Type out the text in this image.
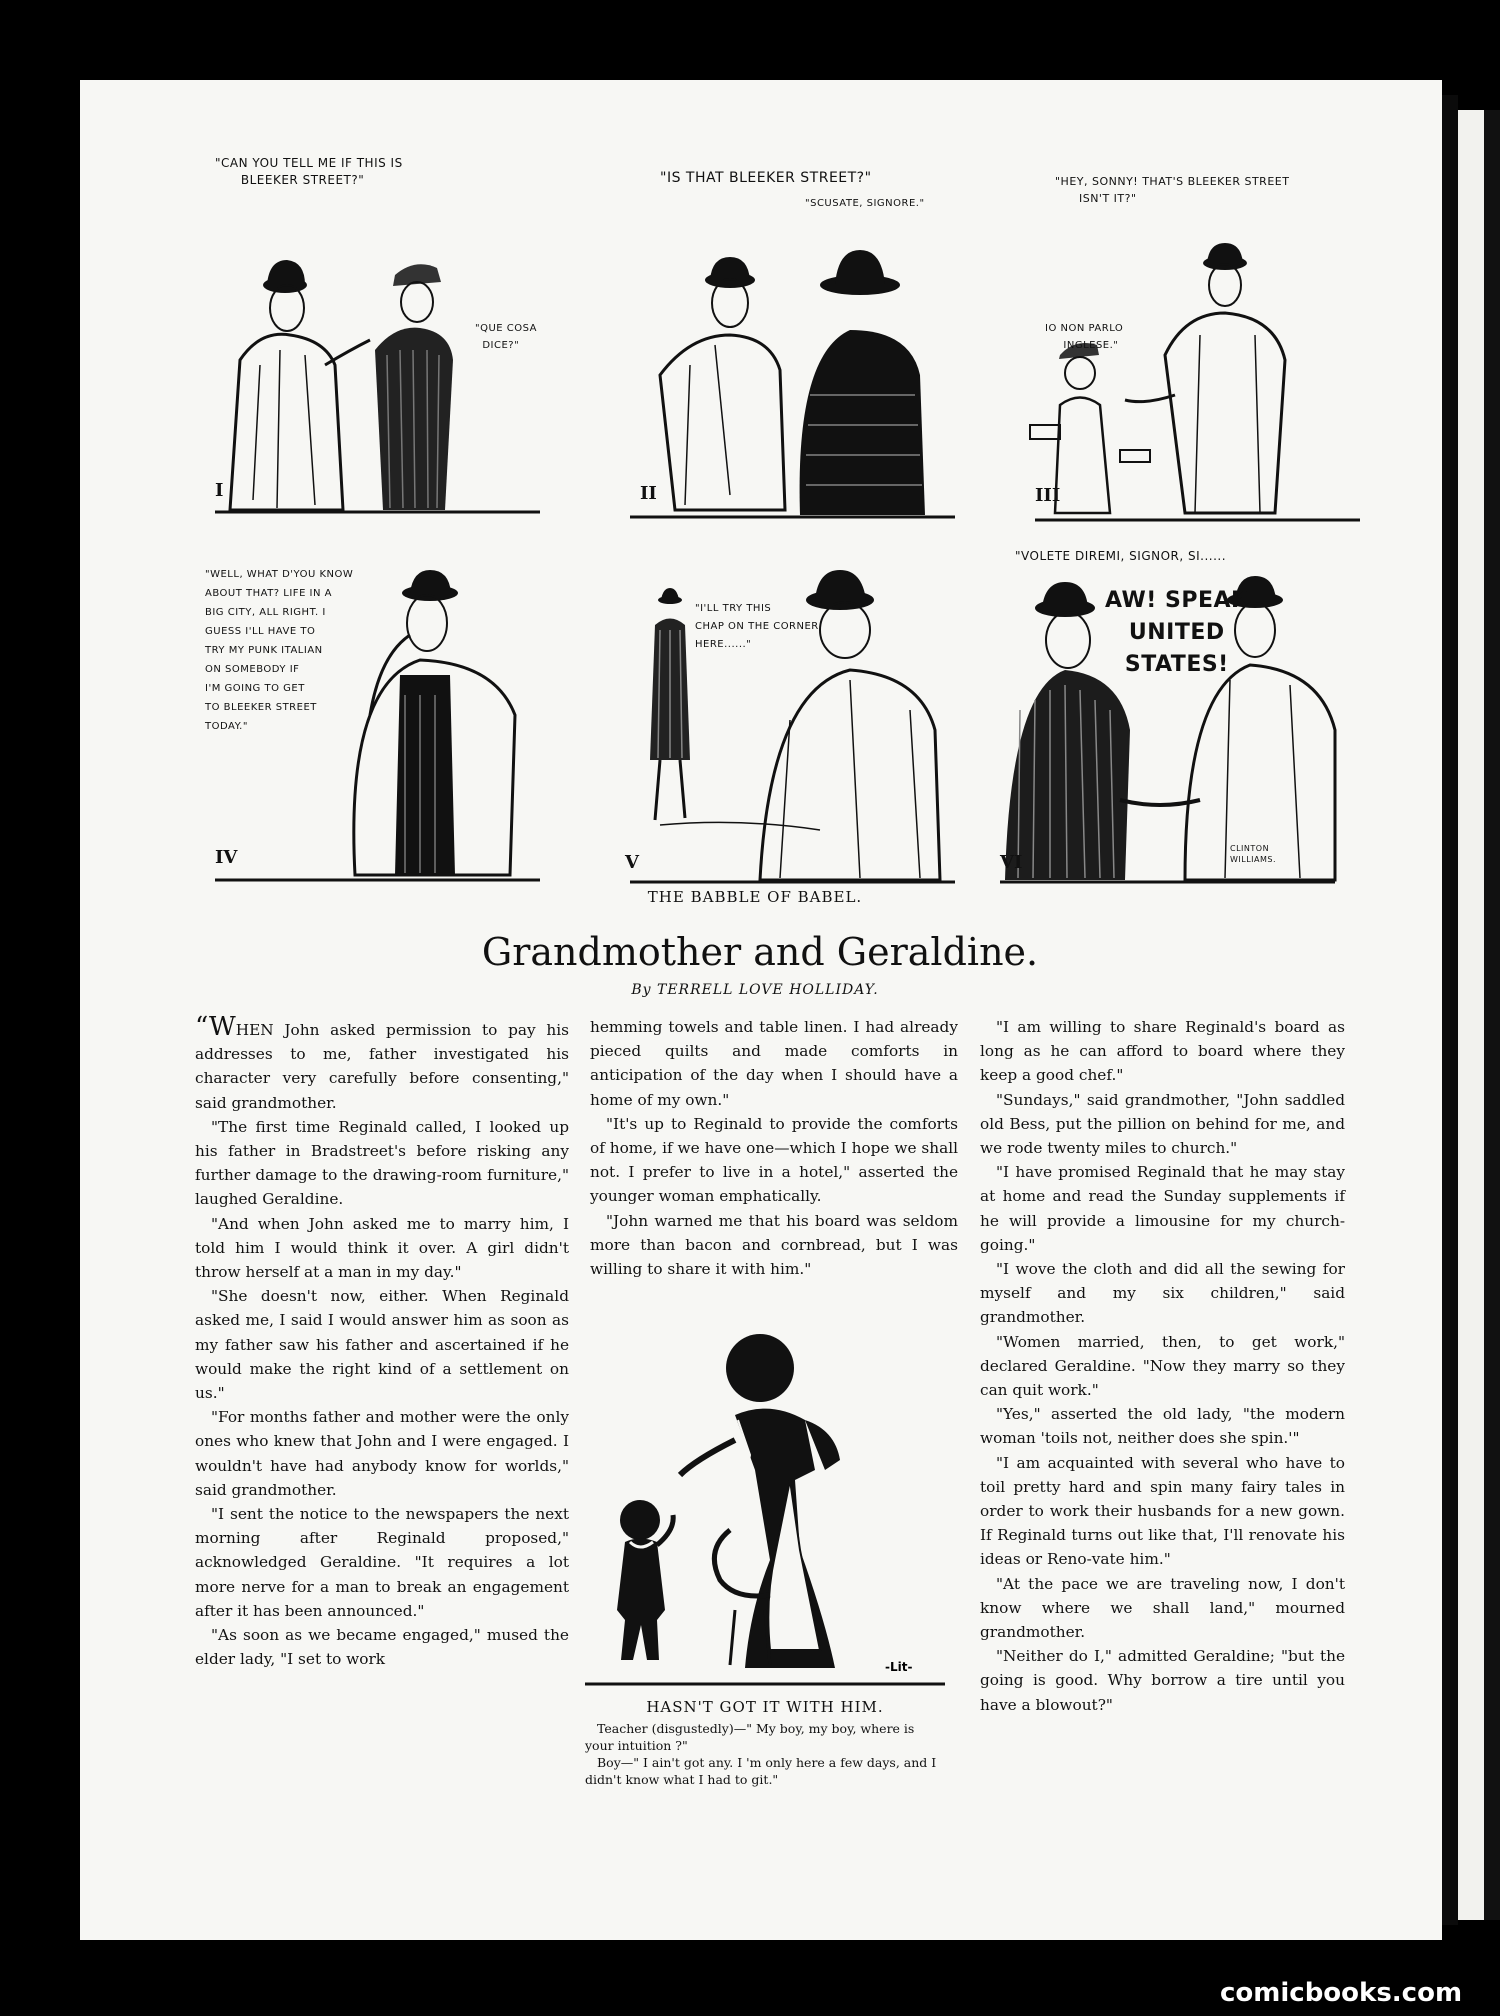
"CAN YOU TELL ME IF THIS IS
BLEEKER STREET?"
"QUE COSA
DICE?"
I
"IS THAT BLEEKER STREET?"
"SCUSATE, SIGNORE."
II
"HEY, SONNY! THAT'S BLEEKER STREET
ISN'T IT?"
IO NON PARLO
INGLESE."
III
"WELL, WHAT D'YOU KNOW
ABOUT THAT? LIFE IN A
BIG CITY, ALL RIGHT. I
GUESS I'LL HAVE TO
TRY MY PUNK ITALIAN
ON SOMEBODY IF
I'M GOING TO GET
TO BLEEKER STREET
TODAY."
IV
"I'LL TRY THIS
CHAP ON THE CORNER
HERE......"
V
"VOLETE DIREMI, SIGNOR, SI......
AW! SPEAK
UNITED
STATES!
CLINTON
WILLIAMS.
VI
THE BABBLE OF BABEL.
Grandmother and Geraldine.
By TERRELL LOVE HOLLIDAY.

“WHEN John asked permission to pay his addresses to me, father investigated his character very carefully before consenting," said grandmother.

"The first time Reginald called, I looked up his father in Bradstreet's before risking any further damage to the drawing-room furniture," laughed Geraldine.

"And when John asked me to marry him, I told him I would think it over. A girl didn't throw herself at a man in my day."

"She doesn't now, either. When Reginald asked me, I said I would answer him as soon as my father saw his father and ascertained if he would make the right kind of a settlement on us."

"For months father and mother were the only ones who knew that John and I were engaged. I wouldn't have had anybody know for worlds," said grandmother.

"I sent the notice to the newspapers the next morning after Reginald proposed," acknowledged Geraldine. "It requires a lot more nerve for a man to break an engagement after it has been announced."

"As soon as we became engaged," mused the elder lady, "I set to work

hemming towels and table linen. I had already pieced quilts and made comforts in anticipation of the day when I should have a home of my own."

"It's up to Reginald to provide the comforts of home, if we have one—which I hope we shall not. I prefer to live in a hotel," asserted the younger woman emphatically.

"John warned me that his board was seldom more than bacon and cornbread, but I was willing to share it with him."

"I am willing to share Reginald's board as long as he can afford to board where they keep a good chef."

"Sundays," said grandmother, "John saddled old Bess, put the pillion on behind for me, and we rode twenty miles to church."

"I have promised Reginald that he may stay at home and read the Sunday supplements if he will provide a limousine for my church-going."

"I wove the cloth and did all the sewing for myself and my six children," said grandmother.

"Women married, then, to get work," declared Geraldine. "Now they marry so they can quit work."

"Yes," asserted the old lady, "the modern woman 'toils not, neither does she spin.'"

"I am acquainted with several who have to toil pretty hard and spin many fairy tales in order to work their husbands for a new gown. If Reginald turns out like that, I'll renovate his ideas or Reno-vate him."

"At the pace we are traveling now, I don't know where we shall land," mourned grandmother.

"Neither do I," admitted Geraldine; "but the going is good. Why borrow a tire until you have a blowout?"

-Lit-
HASN'T GOT IT WITH HIM.

Teacher (disgustedly)—" My boy, my boy, where is your intuition ?"

Boy—" I ain't got any. I 'm only here a few days, and I didn't know what I had to git."

comicbooks.com
